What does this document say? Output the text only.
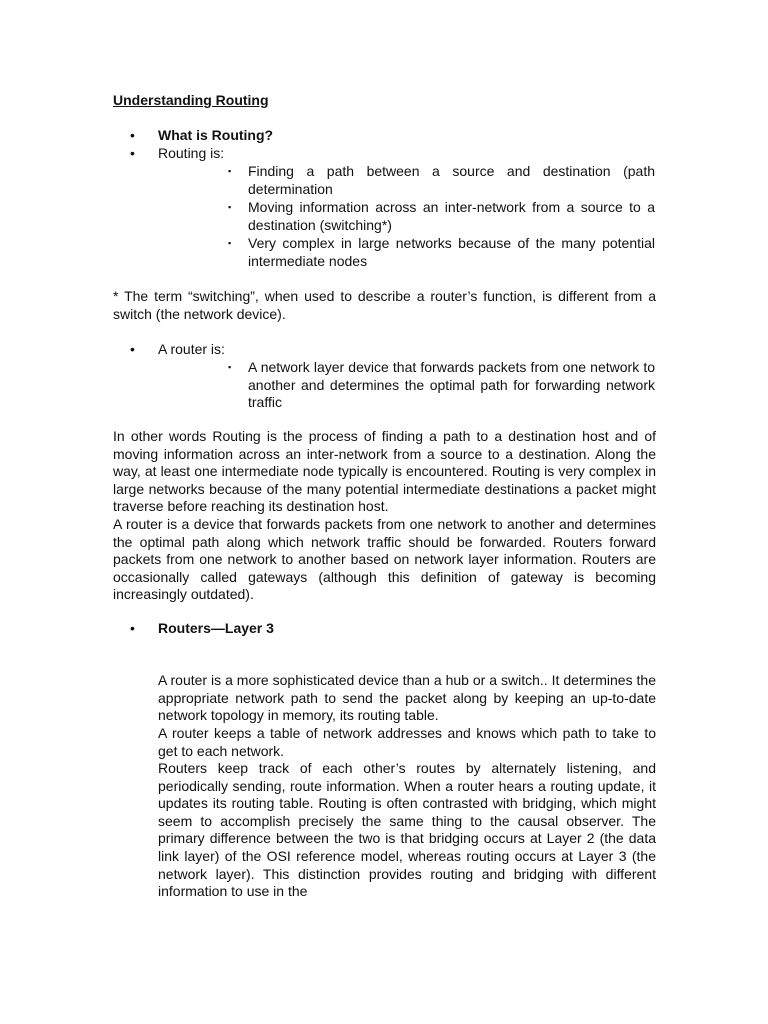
Understanding Routing
• What is Routing?
• Routing is:
▪ Finding a path between a source and destination (path determination
▪ Moving information across an inter-network from a source to a destination (switching*)
▪ Very complex in large networks because of the many potential intermediate nodes

* The term “switching”, when used to describe a router’s function, is different from a switch (the network device).

• A router is:
▪ A network layer device that forwards packets from one network to another and determines the optimal path for forwarding network traffic

In other words Routing is the process of finding a path to a destination host and of moving information across an inter-network from a source to a destination. Along the way, at least one intermediate node typically is encountered. Routing is very complex in large networks because of the many potential intermediate destinations a packet might traverse before reaching its destination host.

A router is a device that forwards packets from one network to another and determines the optimal path along which network traffic should be forwarded. Routers forward packets from one network to another based on network layer information. Routers are occasionally called gateways (although this definition of gateway is becoming increasingly outdated).

• Routers—Layer 3

A router is a more sophisticated device than a hub or a switch.. It determines the appropriate network path to send the packet along by keeping an up-to-date network topology in memory, its routing table.

A router keeps a table of network addresses and knows which path to take to get to each network.

Routers keep track of each other’s routes by alternately listening, and periodically sending, route information. When a router hears a routing update, it updates its routing table. Routing is often contrasted with bridging, which might seem to accomplish precisely the same thing to the causal observer. The primary difference between the two is that bridging occurs at Layer 2 (the data link layer) of the OSI reference model, whereas routing occurs at Layer 3 (the network layer). This distinction provides routing and bridging with different information to use in the
